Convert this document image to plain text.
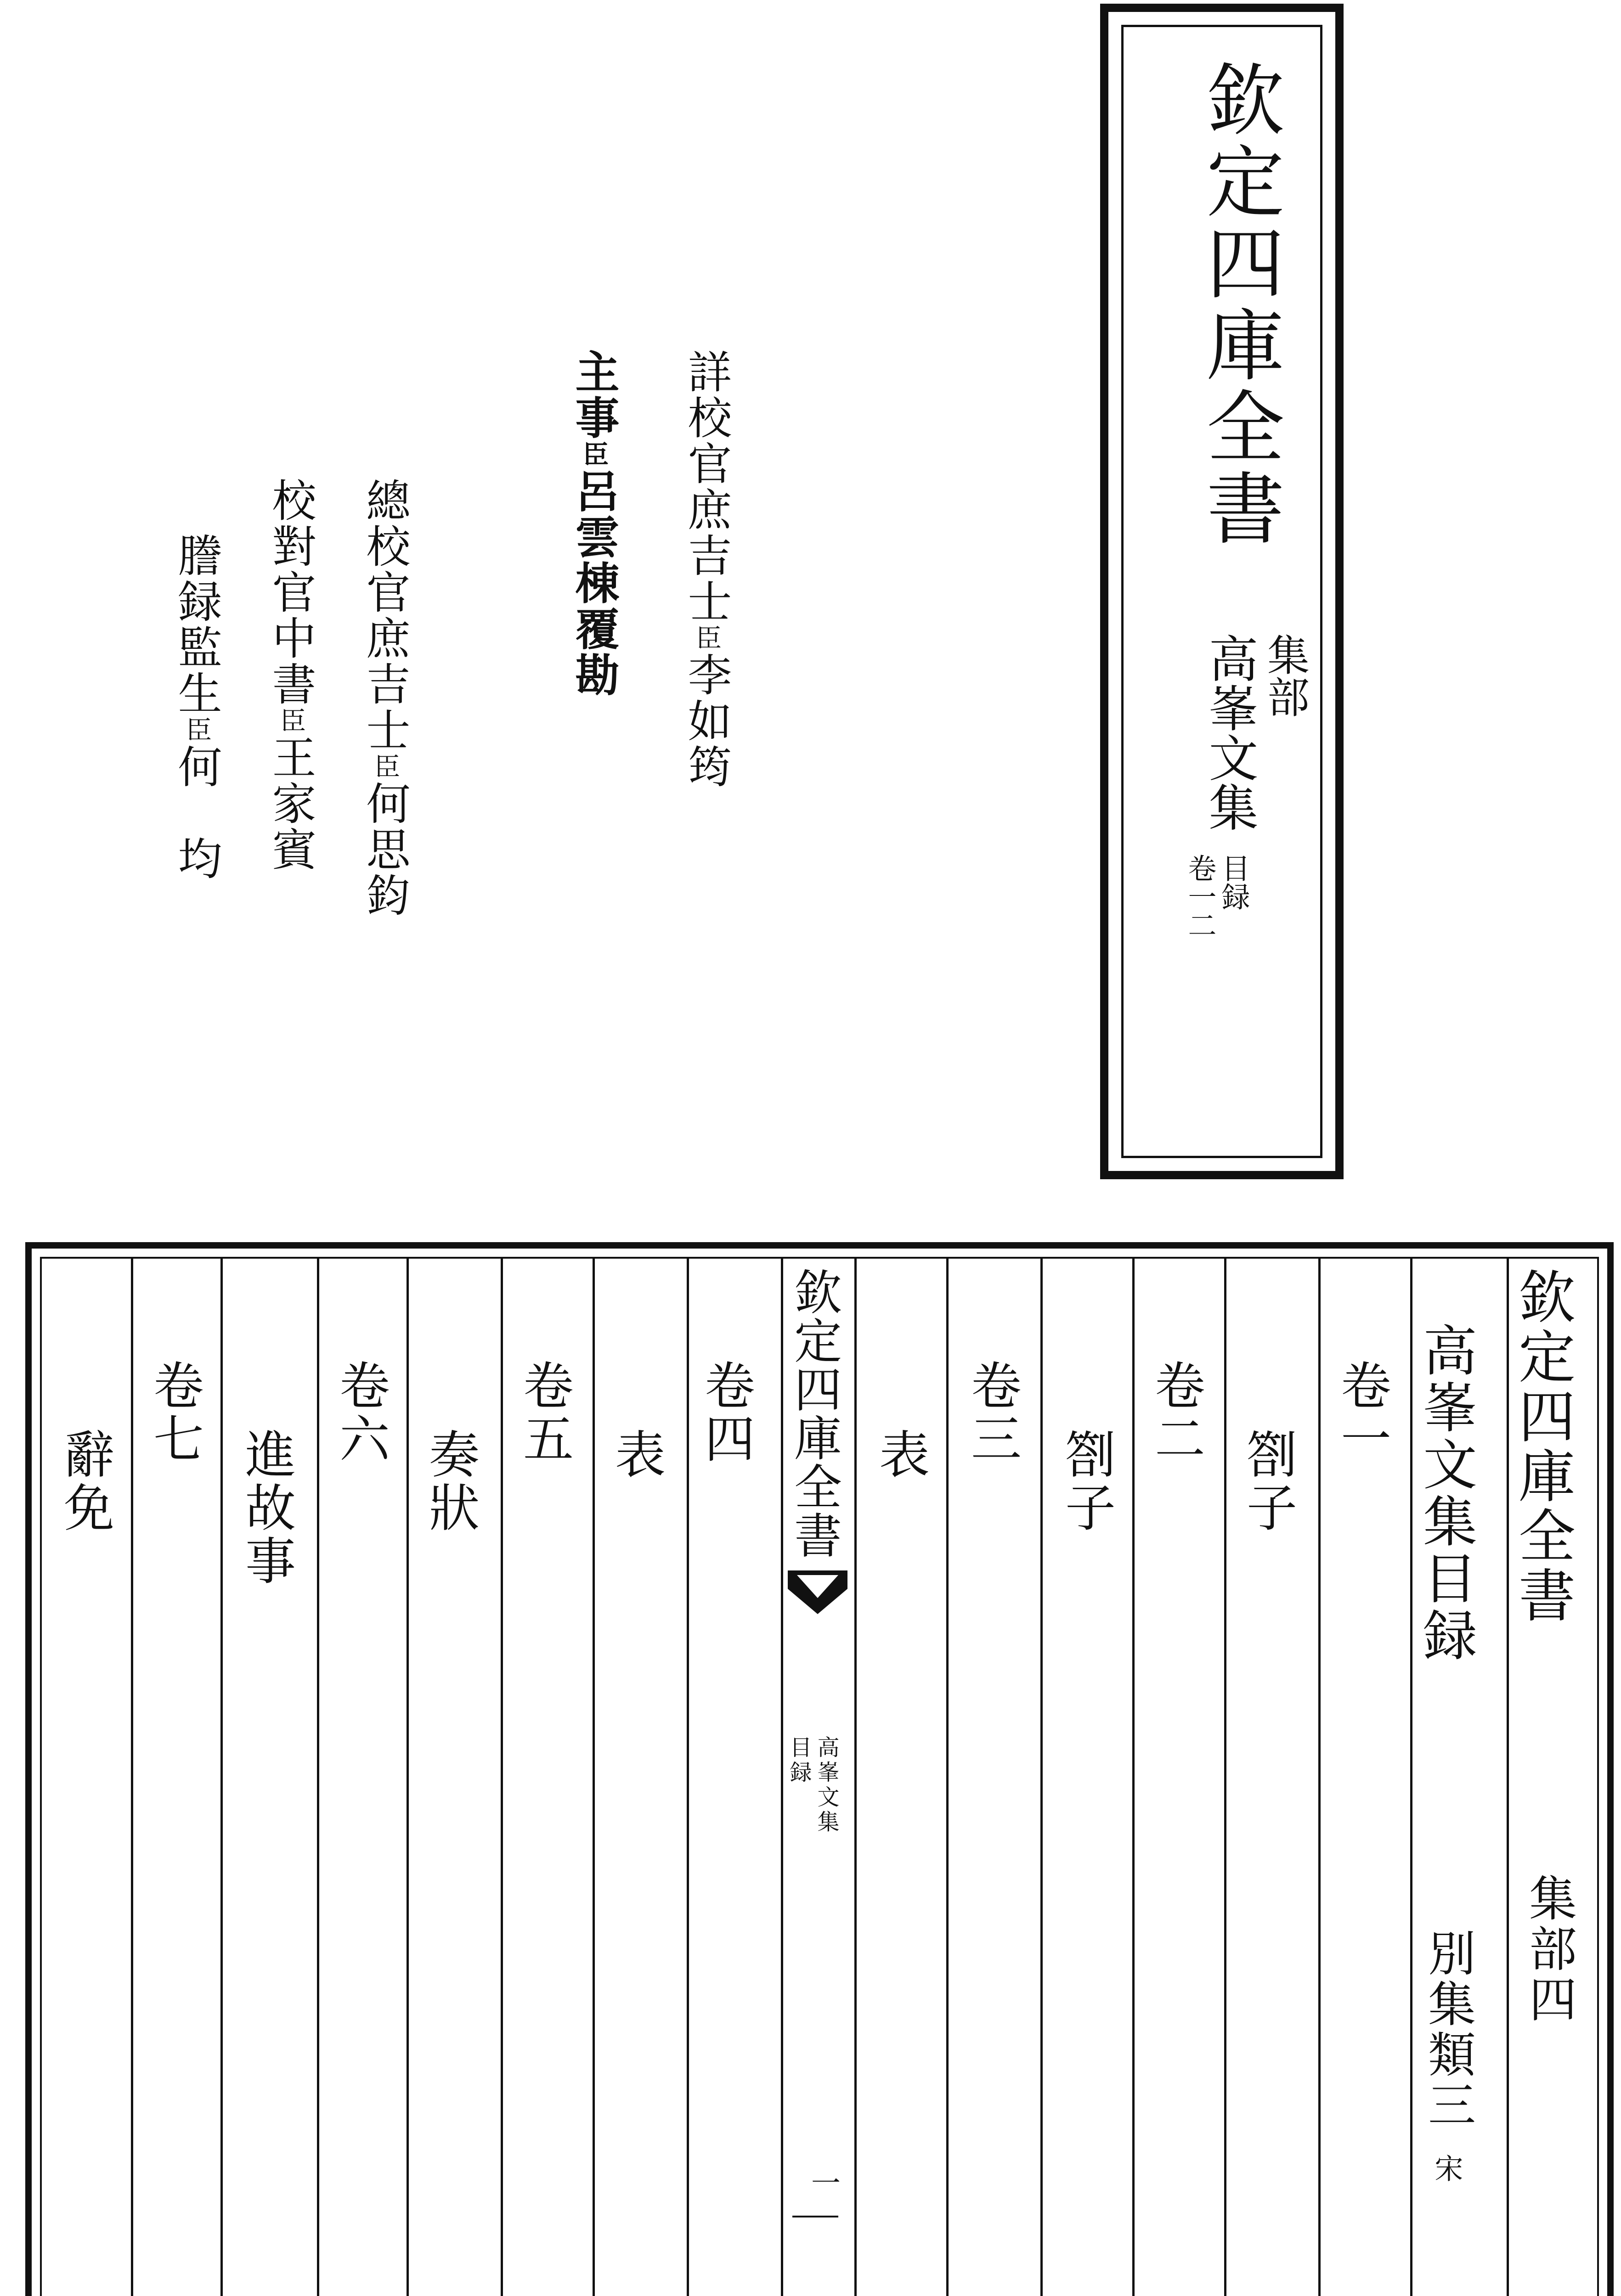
欽定四庫全書
集部
高峯文集
卷一二 目録
詳校官庶吉士臣李如筠
主事臣呂雲棟覆勘
總校官庶吉士臣何思鈞
校對官中書臣王家賓
謄録監生臣何　均
欽定四庫全書
高峯文集目録
集部四
別集類三
宋
欽定四庫全書
高峯文集
目録
一
卷一
劄子
卷二
劄子
卷三
表
卷四
表
卷五
奏狀
卷六
進故事
卷七
辭免
